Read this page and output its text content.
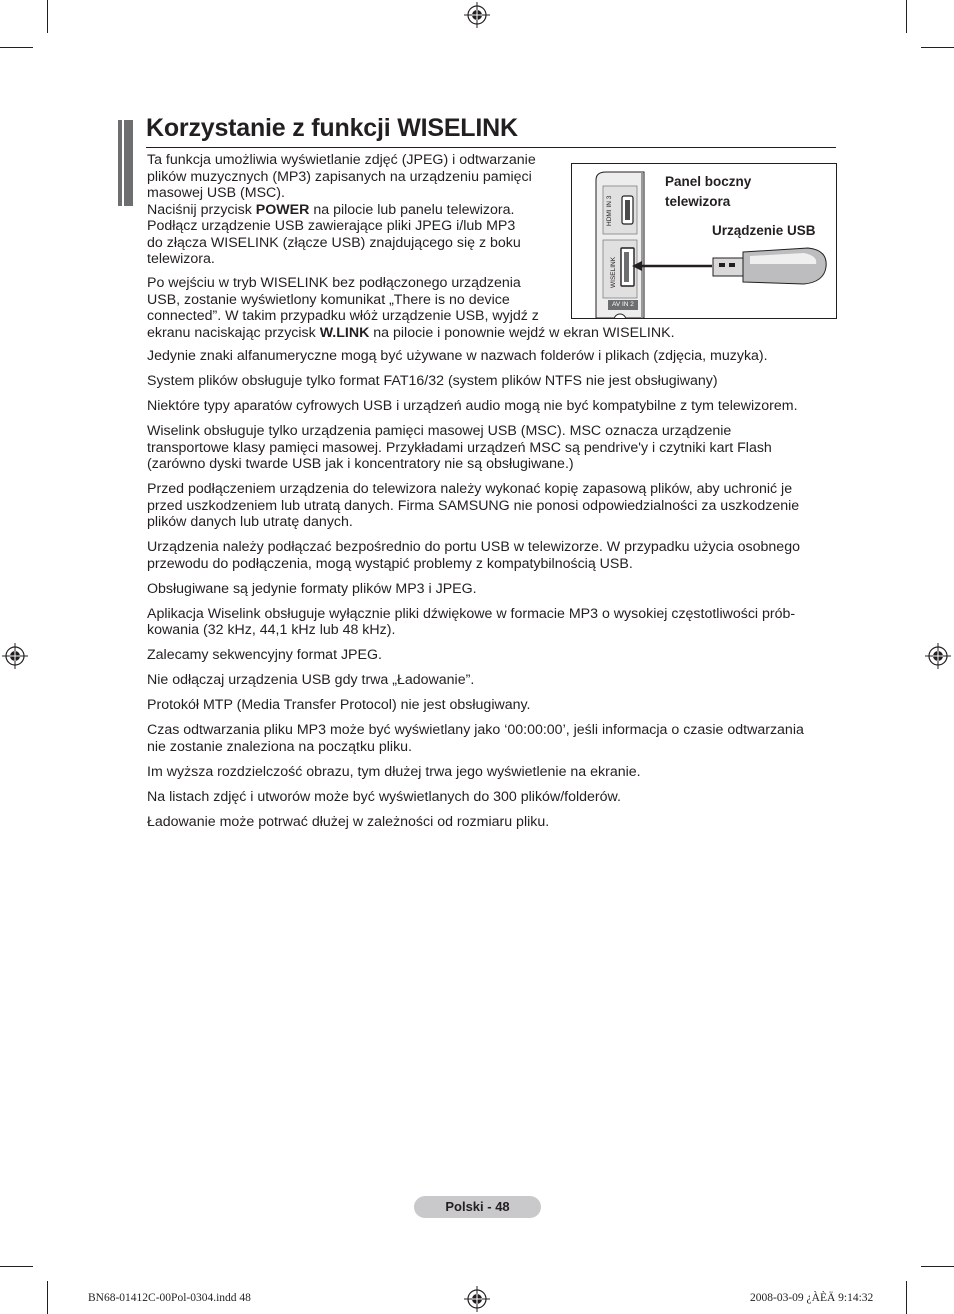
Korzystanie z funkcji WISELINK
Ta funkcja umożliwia wyświetlanie zdjęć (JPEG) i odtwarzanie
plików muzycznych (MP3) zapisanych na urządzeniu pamięci
masowej USB (MSC).
Naciśnij przycisk POWER na pilocie lub panelu telewizora.
Podłącz urządzenie USB zawierające pliki JPEG i/lub MP3
do złącza WISELINK (złącze USB) znajdującego się z boku
telewizora.
Po wejściu w tryb WISELINK bez podłączonego urządzenia
USB, zostanie wyświetlony komunikat „There is no device
connected”. W takim przypadku włóż urządzenie USB, wyjdź z
ekranu naciskając przycisk W.LINK na pilocie i ponownie wejdź w ekran WISELINK.
HDMI IN 3
WISELINK
AV IN 2
Panel boczny
telewizora
Urządzenie USB
Jedynie znaki alfanumeryczne mogą być używane w nazwach folderów i plikach (zdjęcia, muzyka).
System plików obsługuje tylko format FAT16/32 (system plików NTFS nie jest obsługiwany)
Niektóre typy aparatów cyfrowych USB i urządzeń audio mogą nie być kompatybilne z tym telewizorem.
Wiselink obsługuje tylko urządzenia pamięci masowej USB (MSC). MSC oznacza urządzenie
transportowe klasy pamięci masowej. Przykładami urządzeń MSC są pendrive'y i czytniki kart Flash
(zarówno dyski twarde USB jak i koncentratory nie są obsługiwane.)
Przed podłączeniem urządzenia do telewizora należy wykonać kopię zapasową plików, aby uchronić je
przed uszkodzeniem lub utratą danych. Firma SAMSUNG nie ponosi odpowiedzialności za uszkodzenie
plików danych lub utratę danych.
Urządzenia należy podłączać bezpośrednio do portu USB w telewizorze. W przypadku użycia osobnego
przewodu do podłączenia, mogą wystąpić problemy z kompatybilnością USB.
Obsługiwane są jedynie formaty plików MP3 i JPEG.
Aplikacja Wiselink obsługuje wyłącznie pliki dźwiękowe w formacie MP3 o wysokiej częstotliwości prób-
kowania (32 kHz, 44,1 kHz lub 48 kHz).
Zalecamy sekwencyjny format JPEG.
Nie odłączaj urządzenia USB gdy trwa „Ładowanie”.
Protokół MTP (Media Transfer Protocol) nie jest obsługiwany.
Czas odtwarzania pliku MP3 może być wyświetlany jako ‘00:00:00’, jeśli informacja o czasie odtwarzania
nie zostanie znaleziona na początku pliku.
Im wyższa rozdzielczość obrazu, tym dłużej trwa jego wyświetlenie na ekranie.
Na listach zdjęć i utworów może być wyświetlanych do 300 plików/folderów.
Ładowanie może potrwać dłużej w zależności od rozmiaru pliku.
Polski - 48
BN68-01412C-00Pol-0304.indd 48	2008-03-09 ¿ÀÈÄ 9:14:32
